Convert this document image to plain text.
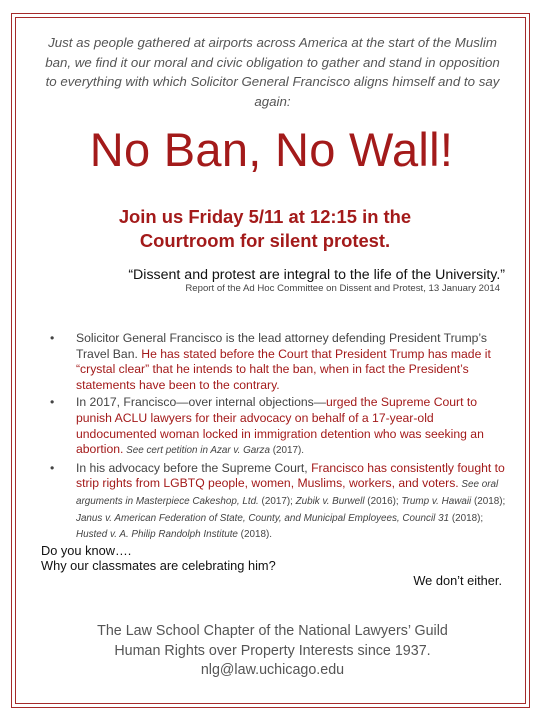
Just as people gathered at airports across America at the start of the Muslim ban, we find it our moral and civic obligation to gather and stand in opposition to everything with which Solicitor General Francisco aligns himself and to say again:
No Ban, No Wall!
Join us Friday 5/11 at 12:15 in the
Courtroom for silent protest.
“Dissent and protest are integral to the life of the University.”
Report of the Ad Hoc Committee on Dissent and Protest, 13 January 2014
• Solicitor General Francisco is the lead attorney defending President Trump’s Travel Ban. He has stated before the Court that President Trump has made it “crystal clear” that he intends to halt the ban, when in fact the President’s statements have been to the contrary.
• In 2017, Francisco—over internal objections—urged the Supreme Court to punish ACLU lawyers for their advocacy on behalf of a 17-year-old undocumented woman locked in immigration detention who was seeking an abortion. See cert petition in Azar v. Garza (2017).
• In his advocacy before the Supreme Court, Francisco has consistently fought to strip rights from LGBTQ people, women, Muslims, workers, and voters. See oral arguments in Masterpiece Cakeshop, Ltd. (2017); Zubik v. Burwell (2016); Trump v. Hawaii (2018); Janus v. American Federation of State, County, and Municipal Employees, Council 31 (2018); Husted v. A. Philip Randolph Institute (2018).
Do you know….
Why our classmates are celebrating him?
We don’t either.
The Law School Chapter of the National Lawyers’ Guild
Human Rights over Property Interests since 1937.
nlg@law.uchicago.edu
